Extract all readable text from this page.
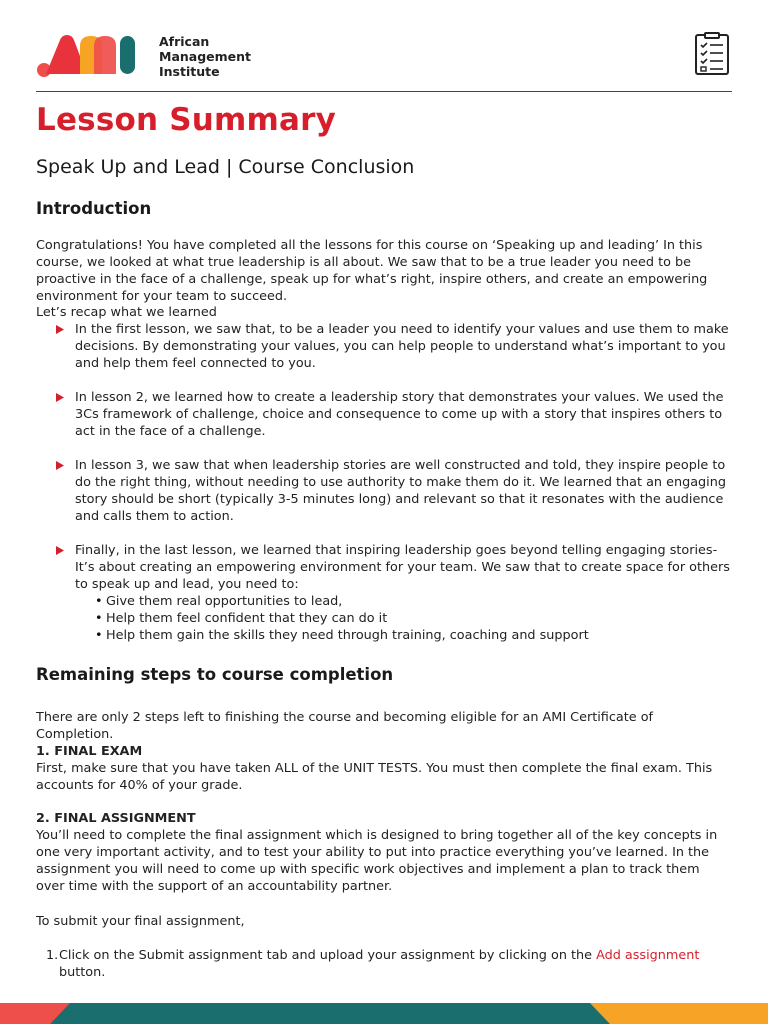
African
Management
Institute
Lesson Summary
Speak Up and Lead | Course Conclusion
Introduction

Congratulations! You have completed all the lessons for this course on ‘Speaking up and leading’ In this course, we looked at what true leadership is all about. We saw that to be a true leader you need to be proactive in the face of a challenge, speak up for what’s right, inspire others, and create an empowering environment for your team to succeed.

Let’s recap what we learned

In the first lesson, we saw that, to be a leader you need to identify your values and use them to make decisions. By demonstrating your values, you can help people to understand what’s important to you and help them feel connected to you.
In lesson 2, we learned how to create a leadership story that demonstrates your values. We used the 3Cs framework of challenge, choice and consequence to come up with a story that inspires others to act in the face of a challenge.
In lesson 3, we saw that when leadership stories are well constructed and told, they inspire people to do the right thing, without needing to use authority to make them do it. We learned that an engaging story should be short (typically 3-5 minutes long) and relevant so that it resonates with the audience and calls them to action.
Finally, in the last lesson, we learned that inspiring leadership goes beyond telling engaging stories- It’s about creating an empowering environment for your team. We saw that to create space for others to speak up and lead, you need to:
• Give them real opportunities to lead,
• Help them feel confident that they can do it
• Help them gain the skills they need through training, coaching and support
Remaining steps to course completion

There are only 2 steps left to finishing the course and becoming eligible for an AMI Certificate of Completion.

1. FINAL EXAM

First, make sure that you have taken ALL of the UNIT TESTS. You must then complete the final exam. This accounts for 40% of your grade.

2. FINAL ASSIGNMENT

You’ll need to complete the final assignment which is designed to bring together all of the key concepts in one very important activity, and to test your ability to put into practice everything you’ve learned. In the assignment you will need to come up with specific work objectives and implement a plan to track them over time with the support of an accountability partner.

To submit your final assignment,

1. Click on the Submit assignment tab and upload your assignment by clicking on the Add assignment button.
